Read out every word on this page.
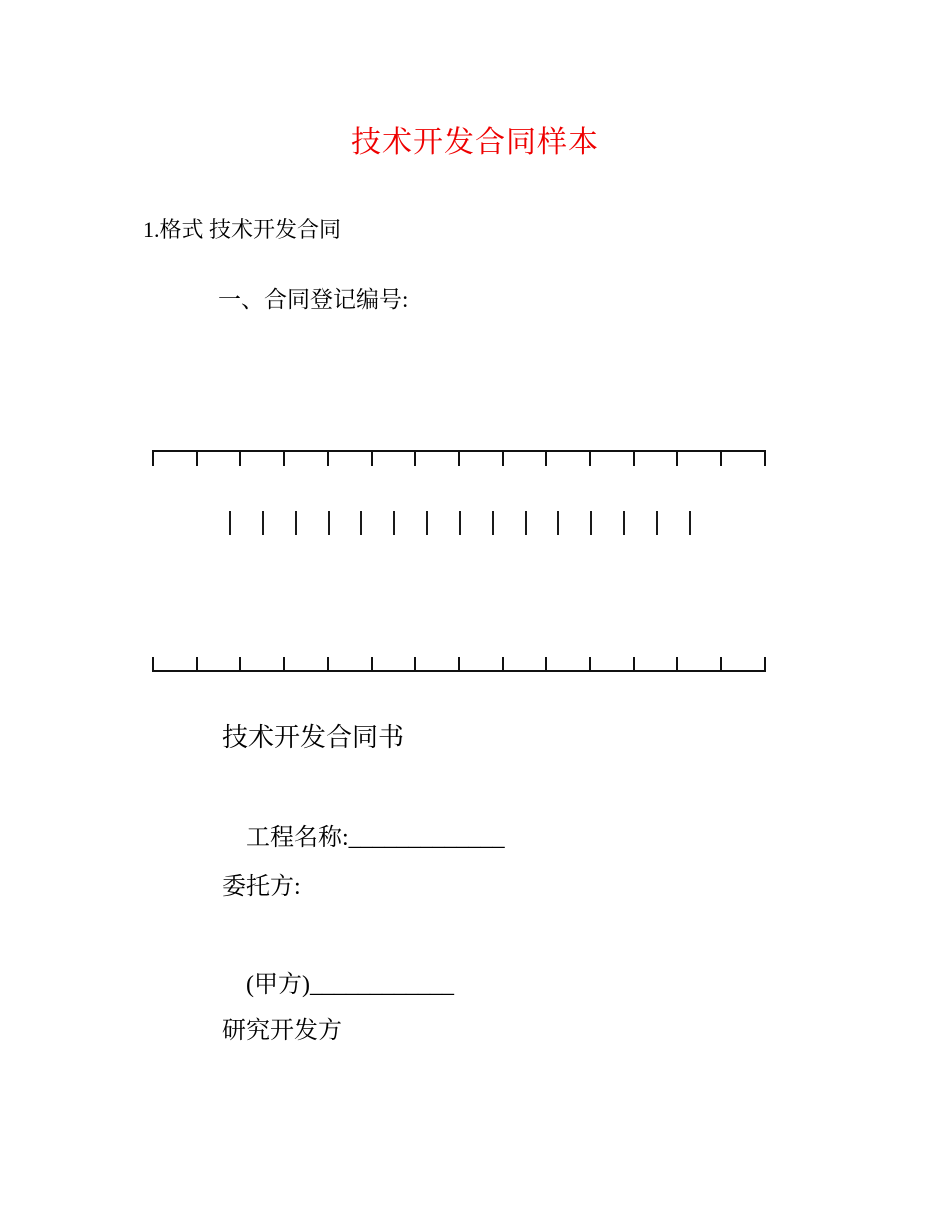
技术开发合同样本
1.格式 技术开发合同
一、合同登记编号:
技术开发合同书

工程名称:_____________

委托方:

(甲方)____________

研究开发方
